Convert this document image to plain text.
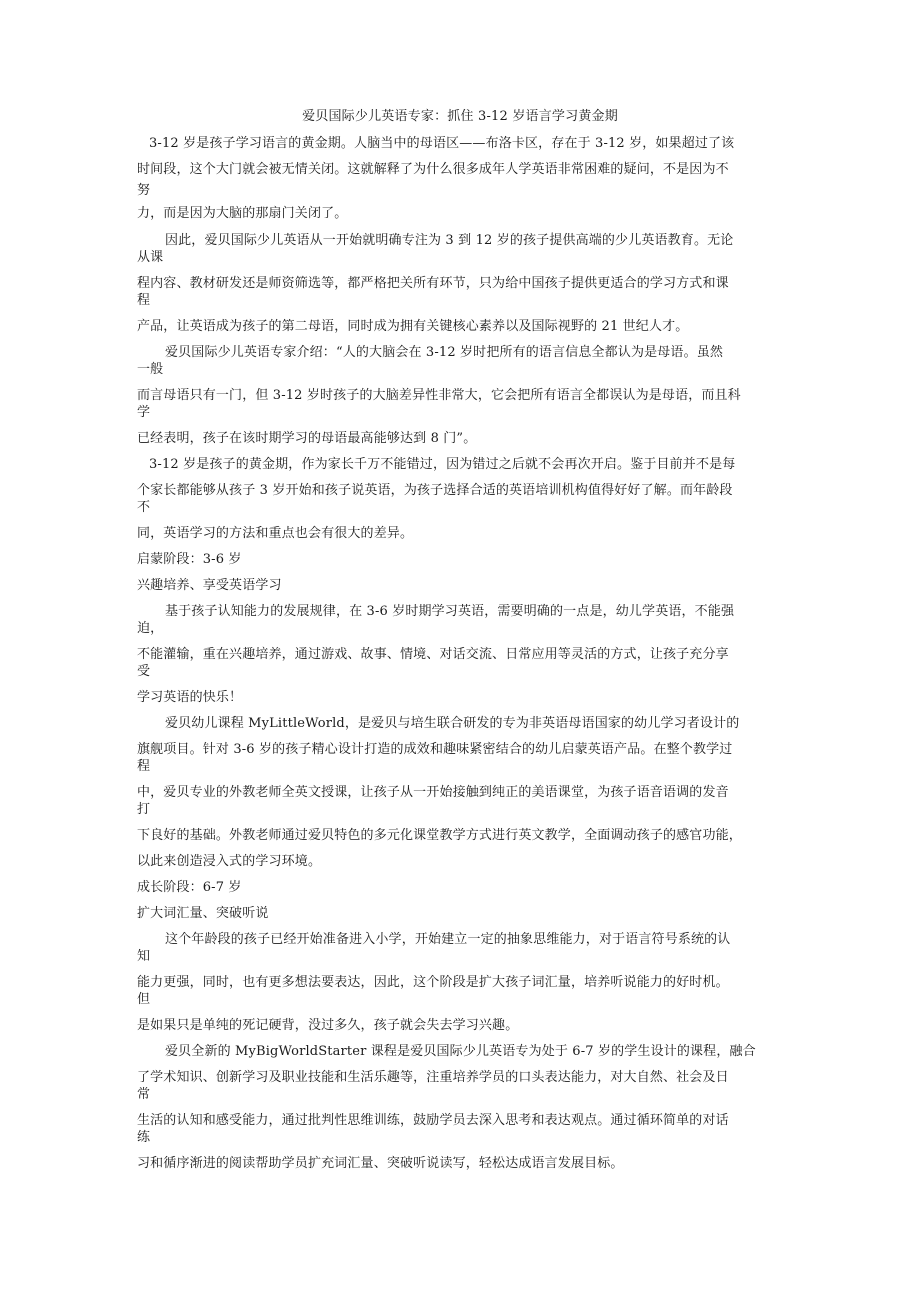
爱贝国际少儿英语专家：抓住 3-12 岁语言学习黄金期
3-12 岁是孩子学习语言的黄金期。人脑当中的母语区——布洛卡区，存在于 3-12 岁，如果超过了该
时间段，这个大门就会被无情关闭。这就解释了为什么很多成年人学英语非常困难的疑问，不是因为不
努
力，而是因为大脑的那扇门关闭了。
因此，爱贝国际少儿英语从一开始就明确专注为 3 到 12 岁的孩子提供高端的少儿英语教育。无论
从课
程内容、教材研发还是师资筛选等，都严格把关所有环节，只为给中国孩子提供更适合的学习方式和课
程
产品，让英语成为孩子的第二母语，同时成为拥有关键核心素养以及国际视野的 21 世纪人才。
爱贝国际少儿英语专家介绍：“人的大脑会在 3-12 岁时把所有的语言信息全都认为是母语。虽然
一般
而言母语只有一门，但 3-12 岁时孩子的大脑差异性非常大，它会把所有语言全都误认为是母语，而且科
学
已经表明，孩子在该时期学习的母语最高能够达到 8 门”。
3-12 岁是孩子的黄金期，作为家长千万不能错过，因为错过之后就不会再次开启。鉴于目前并不是每
个家长都能够从孩子 3 岁开始和孩子说英语，为孩子选择合适的英语培训机构值得好好了解。而年龄段
不
同，英语学习的方法和重点也会有很大的差异。
启蒙阶段：3-6 岁
兴趣培养、享受英语学习
基于孩子认知能力的发展规律，在 3-6 岁时期学习英语，需要明确的一点是，幼儿学英语，不能强
迫，
不能灌输，重在兴趣培养，通过游戏、故事、情境、对话交流、日常应用等灵活的方式，让孩子充分享
受
学习英语的快乐！
爱贝幼儿课程 MyLittleWorld，是爱贝与培生联合研发的专为非英语母语国家的幼儿学习者设计的
旗舰项目。针对 3-6 岁的孩子精心设计打造的成效和趣味紧密结合的幼儿启蒙英语产品。在整个教学过
程
中，爱贝专业的外教老师全英文授课，让孩子从一开始接触到纯正的美语课堂，为孩子语音语调的发音
打
下良好的基础。外教老师通过爱贝特色的多元化课堂教学方式进行英文教学，全面调动孩子的感官功能，
以此来创造浸入式的学习环境。
成长阶段：6-7 岁
扩大词汇量、突破听说
这个年龄段的孩子已经开始准备进入小学，开始建立一定的抽象思维能力，对于语言符号系统的认
知
能力更强，同时，也有更多想法要表达，因此，这个阶段是扩大孩子词汇量，培养听说能力的好时机。
但
是如果只是单纯的死记硬背，没过多久，孩子就会失去学习兴趣。
爱贝全新的 MyBigWorldStarter 课程是爱贝国际少儿英语专为处于 6-7 岁的学生设计的课程，融合
了学术知识、创新学习及职业技能和生活乐趣等，注重培养学员的口头表达能力，对大自然、社会及日
常
生活的认知和感受能力，通过批判性思维训练，鼓励学员去深入思考和表达观点。通过循环简单的对话
练
习和循序渐进的阅读帮助学员扩充词汇量、突破听说读写，轻松达成语言发展目标。
